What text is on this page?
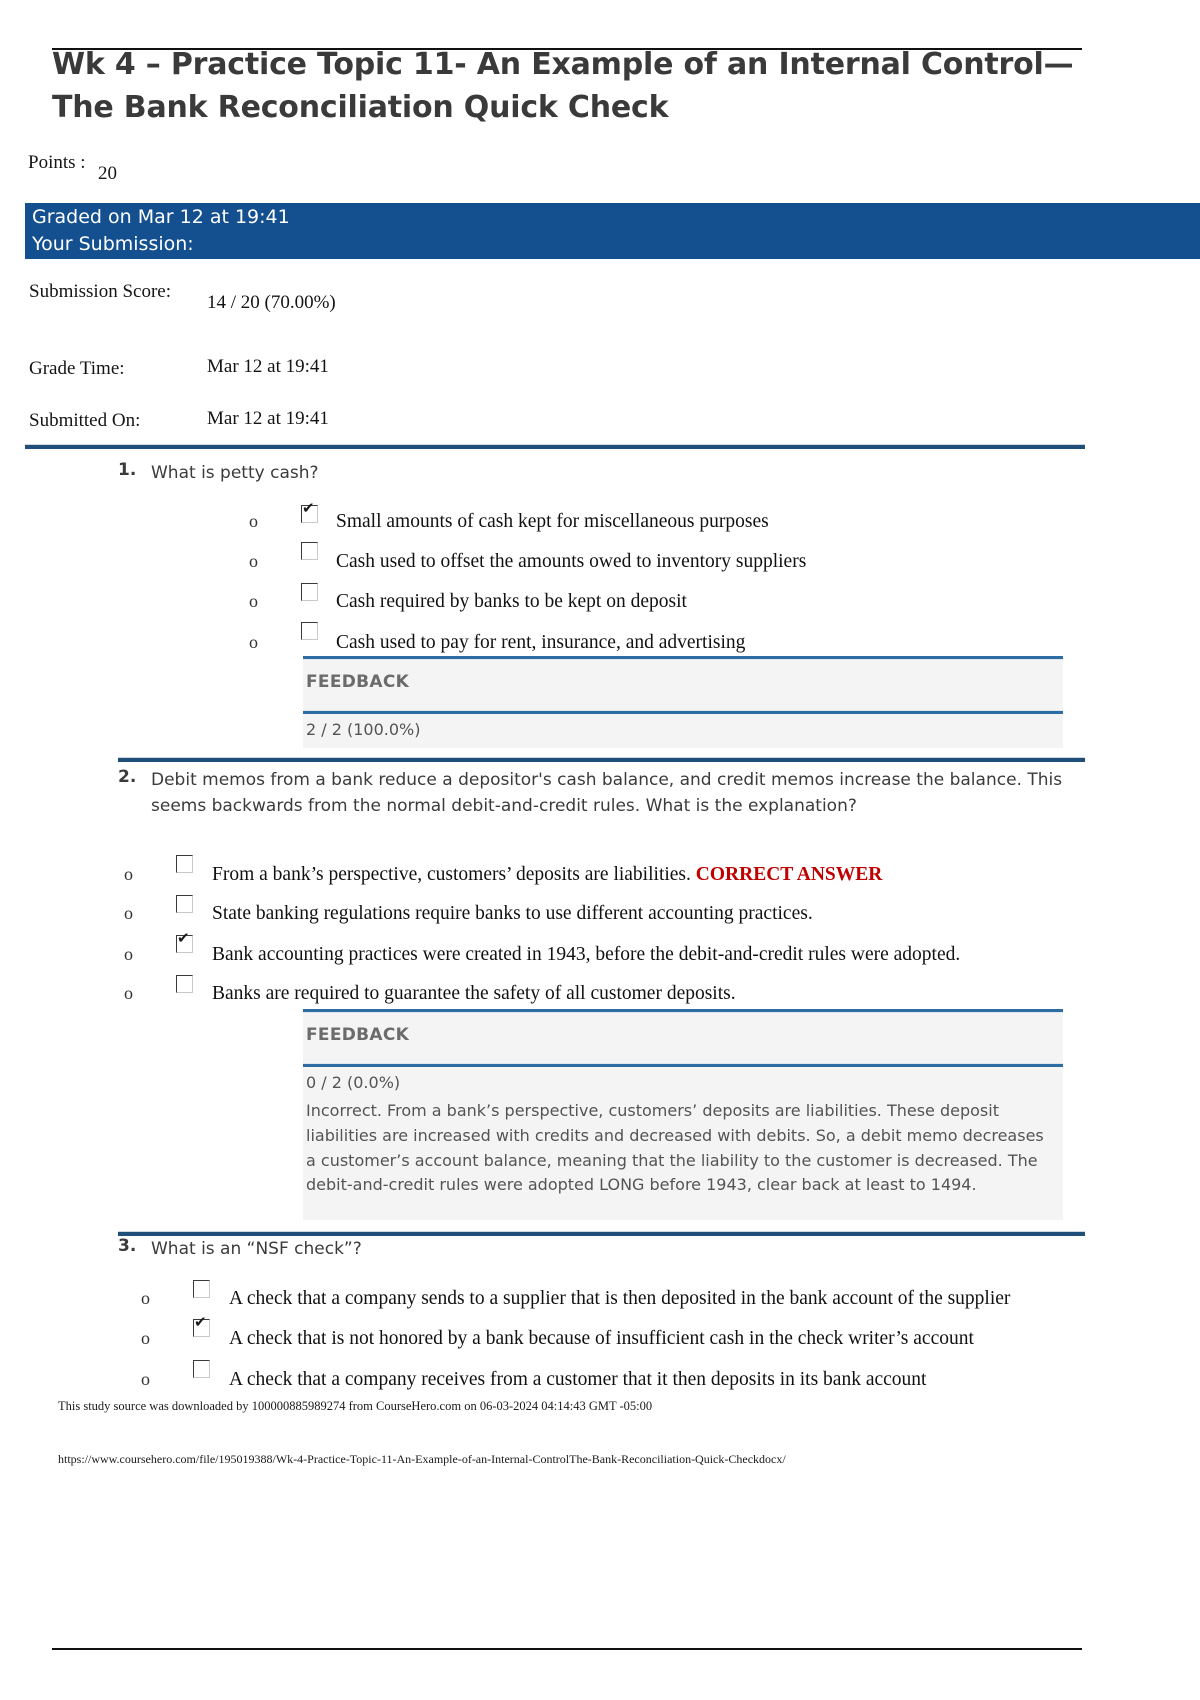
Wk 4 – Practice Topic 11- An Example of an Internal Control—The Bank Reconciliation Quick Check
Points :
20
Graded on Mar 12 at 19:41
Your Submission:
Submission Score:
14 / 20 (70.00%)
Grade Time:	Mar 12 at 19:41
Submitted On:	Mar 12 at 19:41
1. What is petty cash?
o ✔	Small amounts of cash kept for miscellaneous purposes
o	Cash used to offset the amounts owed to inventory suppliers
o	Cash required by banks to be kept on deposit
o	Cash used to pay for rent, insurance, and advertising
FEEDBACK
2 / 2 (100.0%)
2. Debit memos from a bank reduce a depositor's cash balance, and credit memos increase the balance. This seems backwards from the normal debit-and-credit rules. What is the explanation?
o	From a bank’s perspective, customers’ deposits are liabilities. CORRECT ANSWER
o	State banking regulations require banks to use different accounting practices.
o ✔	Bank accounting practices were created in 1943, before the debit-and-credit rules were adopted.
o	Banks are required to guarantee the safety of all customer deposits.
FEEDBACK
0 / 2 (0.0%)
Incorrect. From a bank’s perspective, customers’ deposits are liabilities. These deposit liabilities are increased with credits and decreased with debits. So, a debit memo decreases a customer’s account balance, meaning that the liability to the customer is decreased. The debit-and-credit rules were adopted LONG before 1943, clear back at least to 1494.
3. What is an “NSF check”?
o	A check that a company sends to a supplier that is then deposited in the bank account of the supplier
o ✔	A check that is not honored by a bank because of insufficient cash in the check writer’s account
o	A check that a company receives from a customer that it then deposits in its bank account
This study source was downloaded by 100000885989274 from CourseHero.com on 06-03-2024 04:14:43 GMT -05:00
https://www.coursehero.com/file/195019388/Wk-4-Practice-Topic-11-An-Example-of-an-Internal-ControlThe-Bank-Reconciliation-Quick-Checkdocx/
